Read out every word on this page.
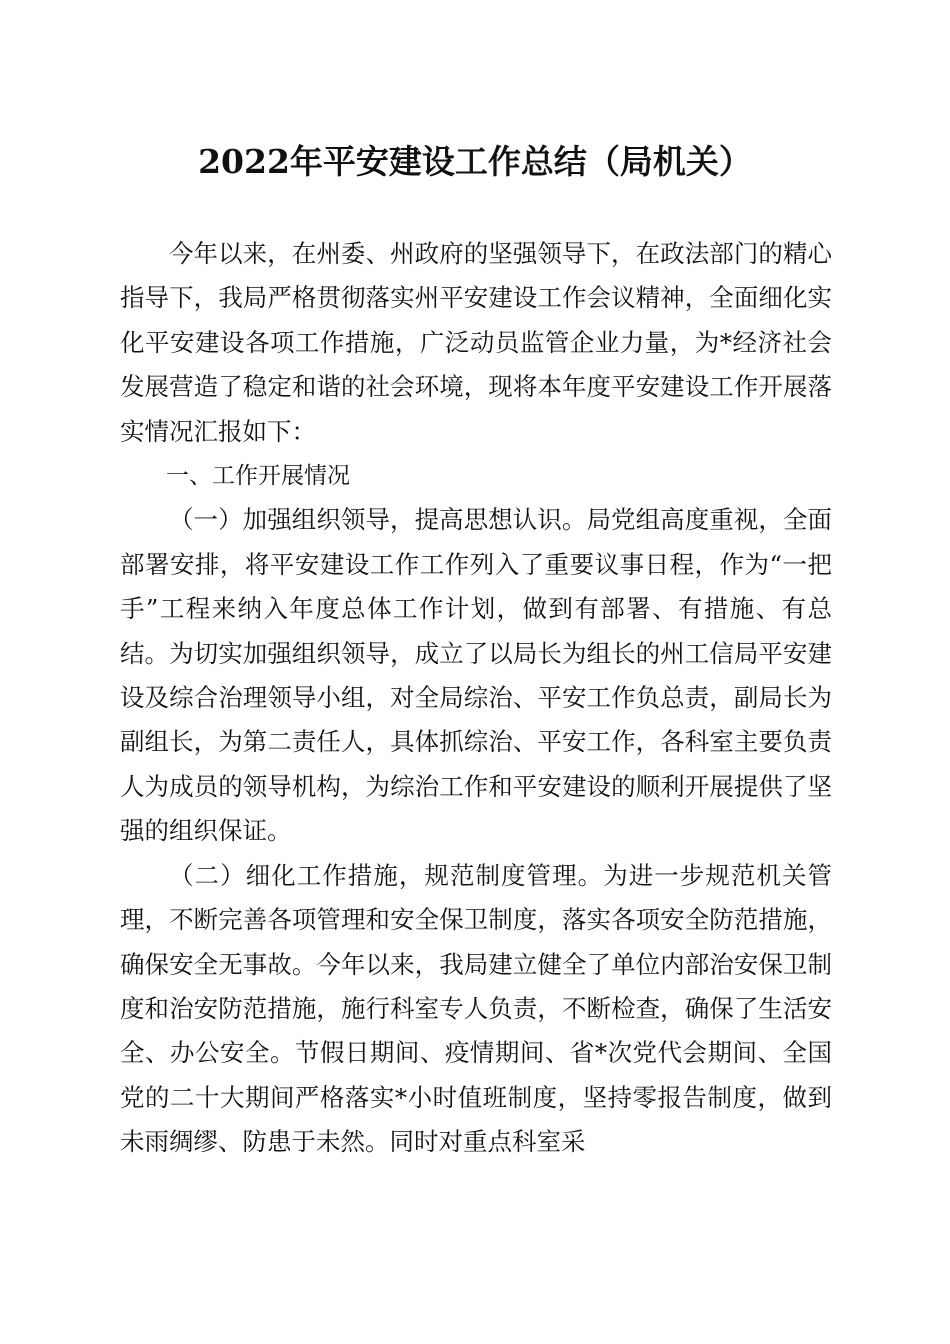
2022年平安建设工作总结（局机关）

今年以来，在州委、州政府的坚强领导下，在政法部门的精心指导下，我局严格贯彻落实州平安建设工作会议精神，全面细化实化平安建设各项工作措施，广泛动员监管企业力量，为*经济社会发展营造了稳定和谐的社会环境，现将本年度平安建设工作开展落实情况汇报如下：

一、工作开展情况

（一）加强组织领导，提高思想认识。局党组高度重视，全面部署安排，将平安建设工作工作列入了重要议事日程，作为“一把手”工程来纳入年度总体工作计划，做到有部署、有措施、有总结。为切实加强组织领导，成立了以局长为组长的州工信局平安建设及综合治理领导小组，对全局综治、平安工作负总责，副局长为副组长，为第二责任人，具体抓综治、平安工作，各科室主要负责人为成员的领导机构，为综治工作和平安建设的顺利开展提供了坚强的组织保证。

（二）细化工作措施，规范制度管理。为进一步规范机关管理，不断完善各项管理和安全保卫制度，落实各项安全防范措施，确保安全无事故。今年以来，我局建立健全了单位内部治安保卫制度和治安防范措施，施行科室专人负责，不断检查，确保了生活安全、办公安全。节假日期间、疫情期间、省*次党代会期间、全国党的二十大期间严格落实*小时值班制度，坚持零报告制度，做到未雨绸缪、防患于未然。同时对重点科室采
